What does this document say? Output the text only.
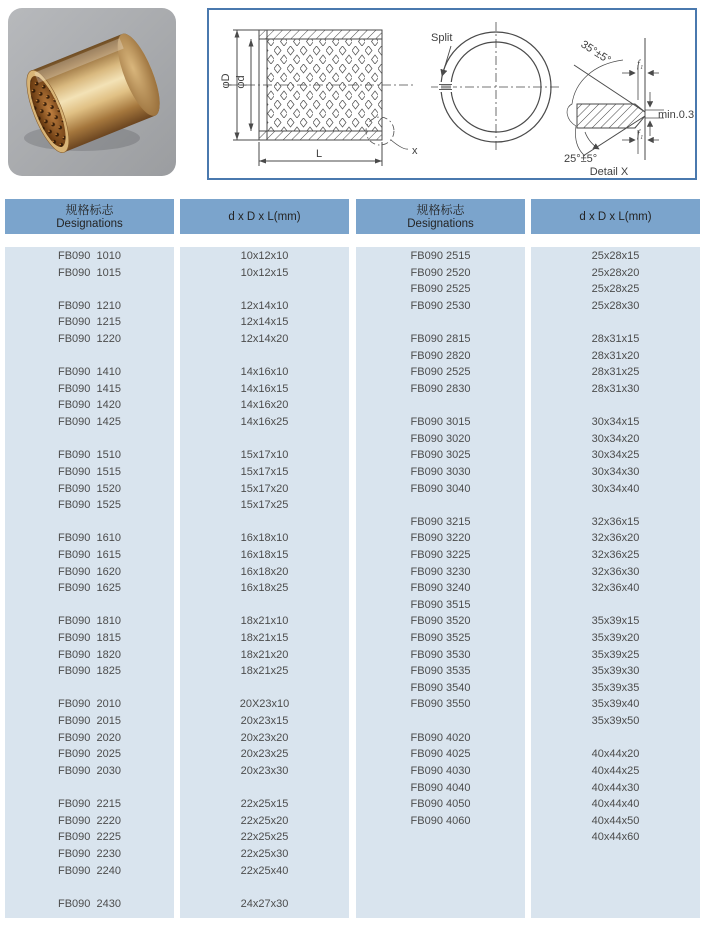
φD φd
L	x
Split
35°±5° f₁
f₁
min.0.3
25°±5°
Detail X
规格标志
Designations
FB090  1010
FB090  1015
FB090  1210
FB090  1215
FB090  1220
FB090  1410
FB090  1415
FB090  1420
FB090  1425
FB090  1510
FB090  1515
FB090  1520
FB090  1525
FB090  1610
FB090  1615
FB090  1620
FB090  1625
FB090  1810
FB090  1815
FB090  1820
FB090  1825
FB090  2010
FB090  2015
FB090  2020
FB090  2025
FB090  2030
FB090  2215
FB090  2220
FB090  2225
FB090  2230
FB090  2240
FB090  2430
d x D x L(mm)
10x12x10
10x12x15
12x14x10
12x14x15
12x14x20
14x16x10
14x16x15
14x16x20
14x16x25
15x17x10
15x17x15
15x17x20
15x17x25
16x18x10
16x18x15
16x18x20
16x18x25
18x21x10
18x21x15
18x21x20
18x21x25
20X23x10
20x23x15
20x23x20
20x23x25
20x23x30
22x25x15
22x25x20
22x25x25
22x25x30
22x25x40
24x27x30
规格标志
Designations
FB090 2515
FB090 2520
FB090 2525
FB090 2530
FB090 2815
FB090 2820
FB090 2525
FB090 2830
FB090 3015
FB090 3020
FB090 3025
FB090 3030
FB090 3040
FB090 3215
FB090 3220
FB090 3225
FB090 3230
FB090 3240
FB090 3515
FB090 3520
FB090 3525
FB090 3530
FB090 3535
FB090 3540
FB090 3550
FB090 4020
FB090 4025
FB090 4030
FB090 4040
FB090 4050
FB090 4060
d x D x L(mm)
25x28x15
25x28x20
25x28x25
25x28x30
28x31x15
28x31x20
28x31x25
28x31x30
30x34x15
30x34x20
30x34x25
30x34x30
30x34x40
32x36x15
32x36x20
32x36x25
32x36x30
32x36x40
35x39x15
35x39x20
35x39x25
35x39x30
35x39x35
35x39x40
35x39x50
40x44x20
40x44x25
40x44x30
40x44x40
40x44x50
40x44x60
